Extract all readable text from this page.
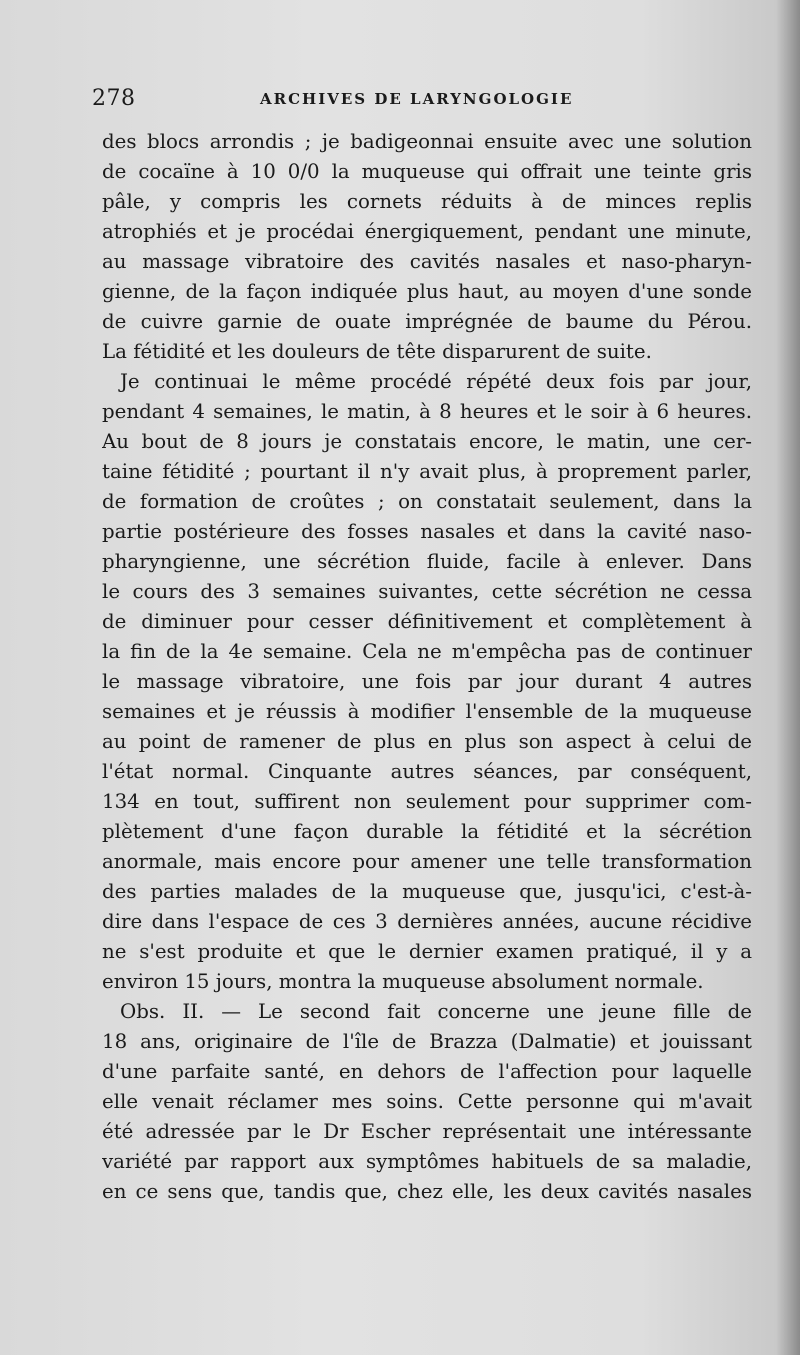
278	ARCHIVES DE LARYNGOLOGIE
des blocs arrondis ; je badigeonnai ensuite avec une solution
de cocaïne à 10 0/0 la muqueuse qui offrait une teinte gris
pâle, y compris les cornets réduits à de minces replis
atrophiés et je procédai énergiquement, pendant une minute,
au massage vibratoire des cavités nasales et naso-pharyn-
gienne, de la façon indiquée plus haut, au moyen d'une sonde
de cuivre garnie de ouate imprégnée de baume du Pérou.
La fétidité et les douleurs de tête disparurent de suite.
Je continuai le même procédé répété deux fois par jour,
pendant 4 semaines, le matin, à 8 heures et le soir à 6 heures.
Au bout de 8 jours je constatais encore, le matin, une cer-
taine fétidité ; pourtant il n'y avait plus, à proprement parler,
de formation de croûtes ; on constatait seulement, dans la
partie postérieure des fosses nasales et dans la cavité naso-
pharyngienne, une sécrétion fluide, facile à enlever. Dans
le cours des 3 semaines suivantes, cette sécrétion ne cessa
de diminuer pour cesser définitivement et complètement à
la fin de la 4e semaine. Cela ne m'empêcha pas de continuer
le massage vibratoire, une fois par jour durant 4 autres
semaines et je réussis à modifier l'ensemble de la muqueuse
au point de ramener de plus en plus son aspect à celui de
l'état normal. Cinquante autres séances, par conséquent,
134 en tout, suffirent non seulement pour supprimer com-
plètement d'une façon durable la fétidité et la sécrétion
anormale, mais encore pour amener une telle transformation
des parties malades de la muqueuse que, jusqu'ici, c'est-à-
dire dans l'espace de ces 3 dernières années, aucune récidive
ne s'est produite et que le dernier examen pratiqué, il y a
environ 15 jours, montra la muqueuse absolument normale.
Obs. II. — Le second fait concerne une jeune fille de
18 ans, originaire de l'île de Brazza (Dalmatie) et jouissant
d'une parfaite santé, en dehors de l'affection pour laquelle
elle venait réclamer mes soins. Cette personne qui m'avait
été adressée par le Dr Escher représentait une intéressante
variété par rapport aux symptômes habituels de sa maladie,
en ce sens que, tandis que, chez elle, les deux cavités nasales
